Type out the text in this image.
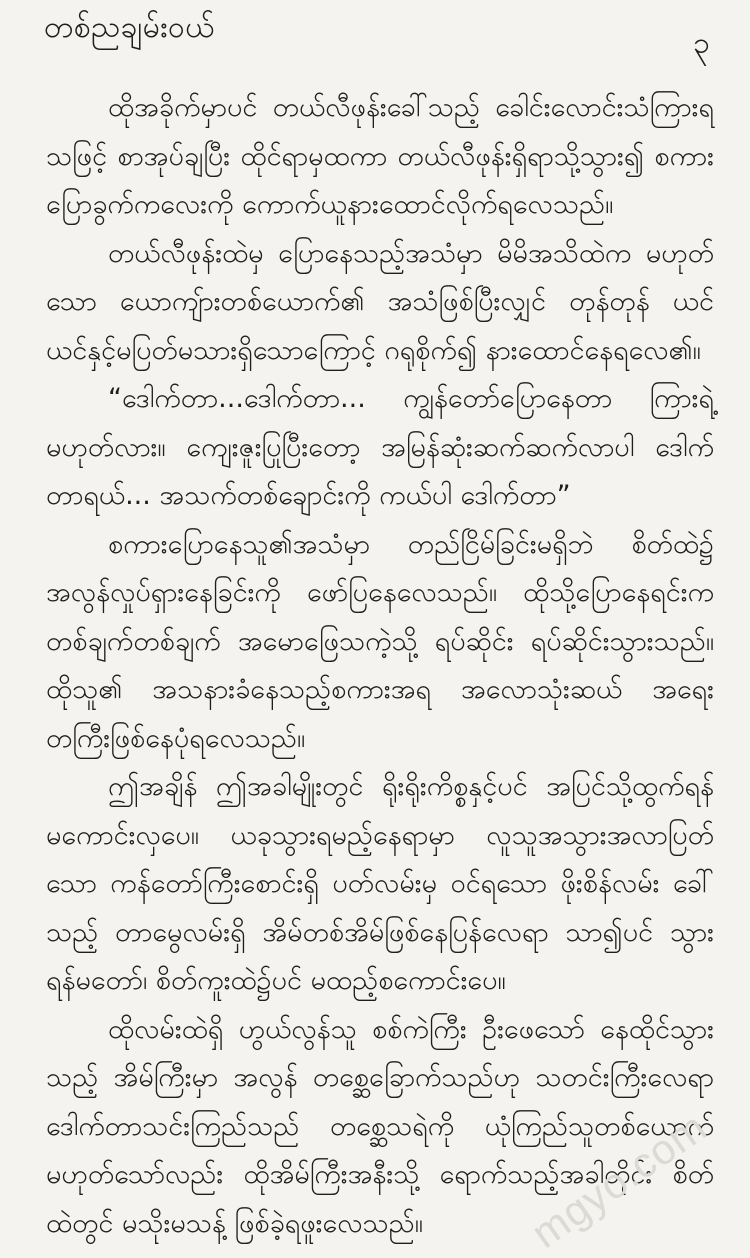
တစ်ညချမ်းဝယ်	၃
ထိုအခိုက်မှာပင် တယ်လီဖုန်းခေါ်သည့် ခေါင်းလောင်းသံကြားရ
သဖြင့် စာအုပ်ချပြီး ထိုင်ရာမှထကာ တယ်လီဖုန်းရှိရာသို့သွား၍ စကား
ပြောခွက်ကလေးကို ကောက်ယူနားထောင်လိုက်ရလေသည်။
တယ်လီဖုန်းထဲမှ ပြောနေသည့်အသံမှာ မိမိအသိထဲက မဟုတ်
သော ယောကျ်ားတစ်ယောက်၏ အသံဖြစ်ပြီးလျှင် တုန်တုန် ယင်
ယင်နှင့်မပြတ်မသားရှိသောကြောင့် ဂရုစိုက်၍ နားထောင်နေရလေ၏။
“ဒေါက်တာ...ဒေါက်တာ... ကျွန်တော်ပြောနေတာ ကြားရဲ့
မဟုတ်လား။ ကျေးဇူးပြုပြီးတော့ အမြန်ဆုံးဆက်ဆက်လာပါ ဒေါက်
တာရယ်... အသက်တစ်ချောင်းကို ကယ်ပါ ဒေါက်တာ”
စကားပြောနေသူ၏အသံမှာ တည်ငြိမ်ခြင်းမရှိဘဲ စိတ်ထဲ၌
အလွန်လှုပ်ရှားနေခြင်းကို ဖော်ပြနေလေသည်။ ထိုသို့ပြောနေရင်းက
တစ်ချက်တစ်ချက် အမောဖြေသကဲ့သို့ ရပ်ဆိုင်း ရပ်ဆိုင်းသွားသည်။
ထိုသူ၏ အသနားခံနေသည့်စကားအရ အလောသုံးဆယ် အရေး
တကြီးဖြစ်နေပုံရလေသည်။
ဤအချိန် ဤအခါမျိုးတွင် ရိုးရိုးကိစ္စနှင့်ပင် အပြင်သို့ထွက်ရန်
မကောင်းလှပေ။ ယခုသွားရမည့်နေရာမှာ လူသူအသွားအလာပြတ်
သော ကန်တော်ကြီးစောင်းရှိ ပတ်လမ်းမှ ဝင်ရသော ဖိုးစိန်လမ်း ခေါ်
သည့် တာမွေလမ်းရှိ အိမ်တစ်အိမ်ဖြစ်နေပြန်လေရာ သာ၍ပင် သွား
ရန်မတော်၊ စိတ်ကူးထဲ၌ပင် မထည့်စကောင်းပေ။
ထိုလမ်းထဲရှိ ဟွယ်လွန်သူ စစ်ကဲကြီး ဦးဖေသော် နေထိုင်သွား
သည့် အိမ်ကြီးမှာ အလွန် တစ္ဆေခြောက်သည်ဟု သတင်းကြီးလေရာ
ဒေါက်တာသင်းကြည်သည် တစ္ဆေသရဲကို ယုံကြည်သူတစ်ယောက်
မဟုတ်သော်လည်း ထိုအိမ်ကြီးအနီးသို့ ရောက်သည့်အခါတိုင်း စိတ်
ထဲတွင် မသိုးမသန့် ဖြစ်ခဲ့ရဖူးလေသည်။	mgyo.com
